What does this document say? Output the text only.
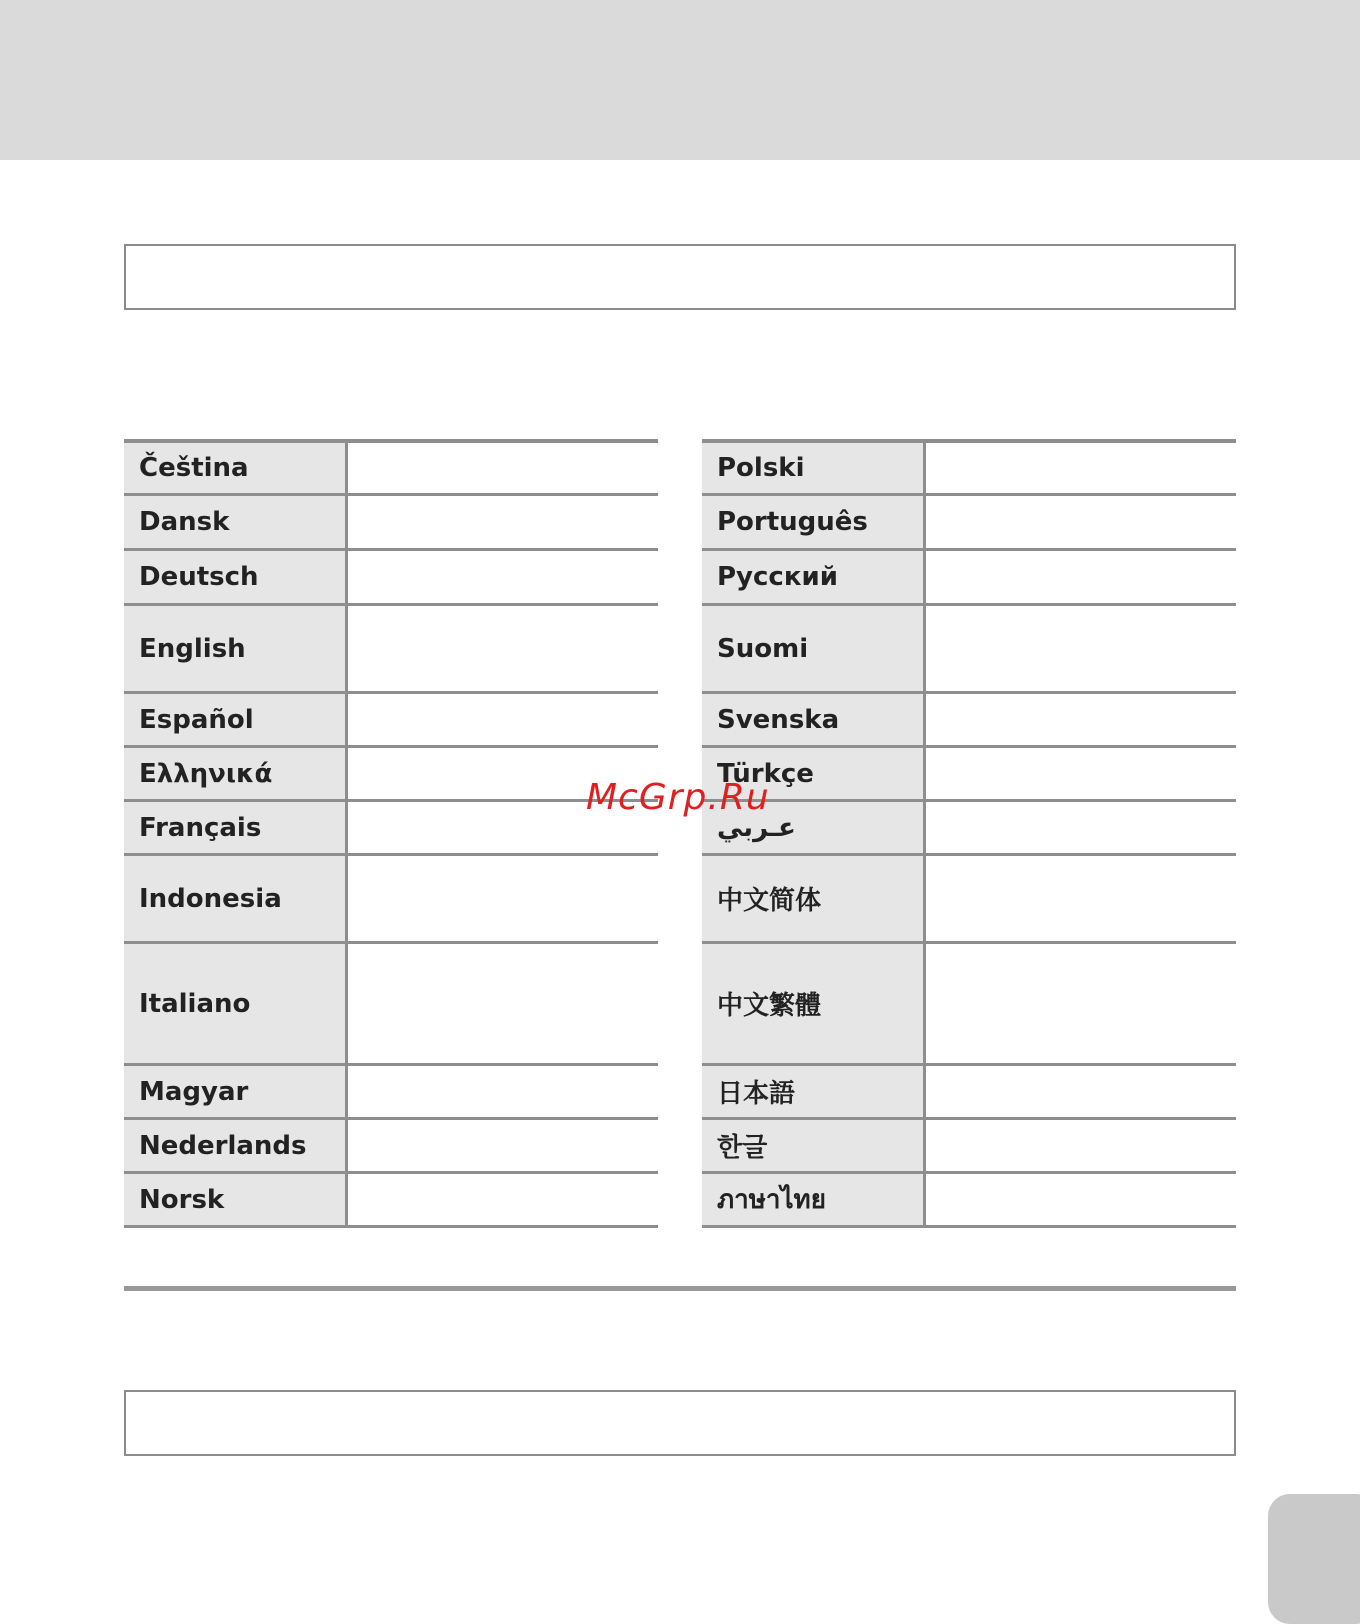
Čeština
Dansk
Deutsch
English
Español
Ελληνικά
Français
Indonesia
Italiano
Magyar
Nederlands
Norsk
Polski
Português
Русский
Suomi
Svenska
Türkçe
عـربي
中文简体
中文繁體
日本語
한글
ภาษาไทย
McGrp.Ru
